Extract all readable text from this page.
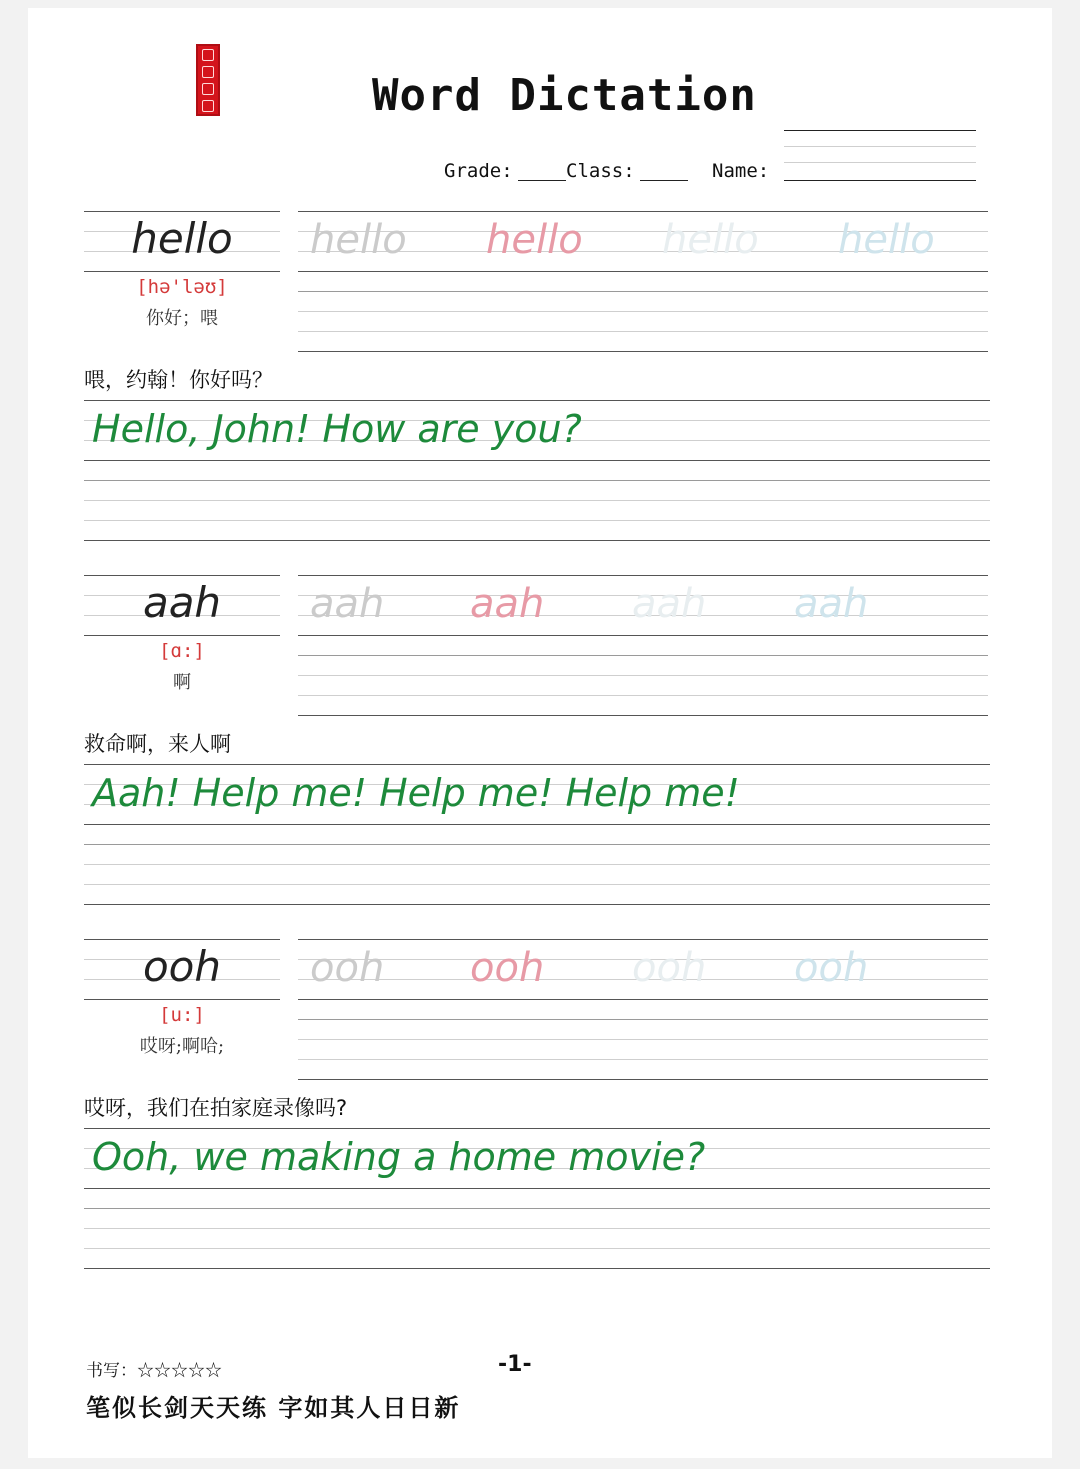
Word Dictation
Grade:	Class:	Name:
hello
[hə'ləʊ]
你好；喂
hello hello hello hello
喂，约翰！你好吗？
Hello, John! How are you?
aah
[ɑ:]
啊
aah aah aah aah
救命啊，来人啊
Aah! Help me! Help me! Help me!
ooh
[u:]
哎呀;啊哈;
ooh ooh ooh ooh
哎呀，我们在拍家庭录像吗?
Ooh, we making a home movie?
书写：☆☆☆☆☆	-1-
笔似长剑天天练 字如其人日日新
